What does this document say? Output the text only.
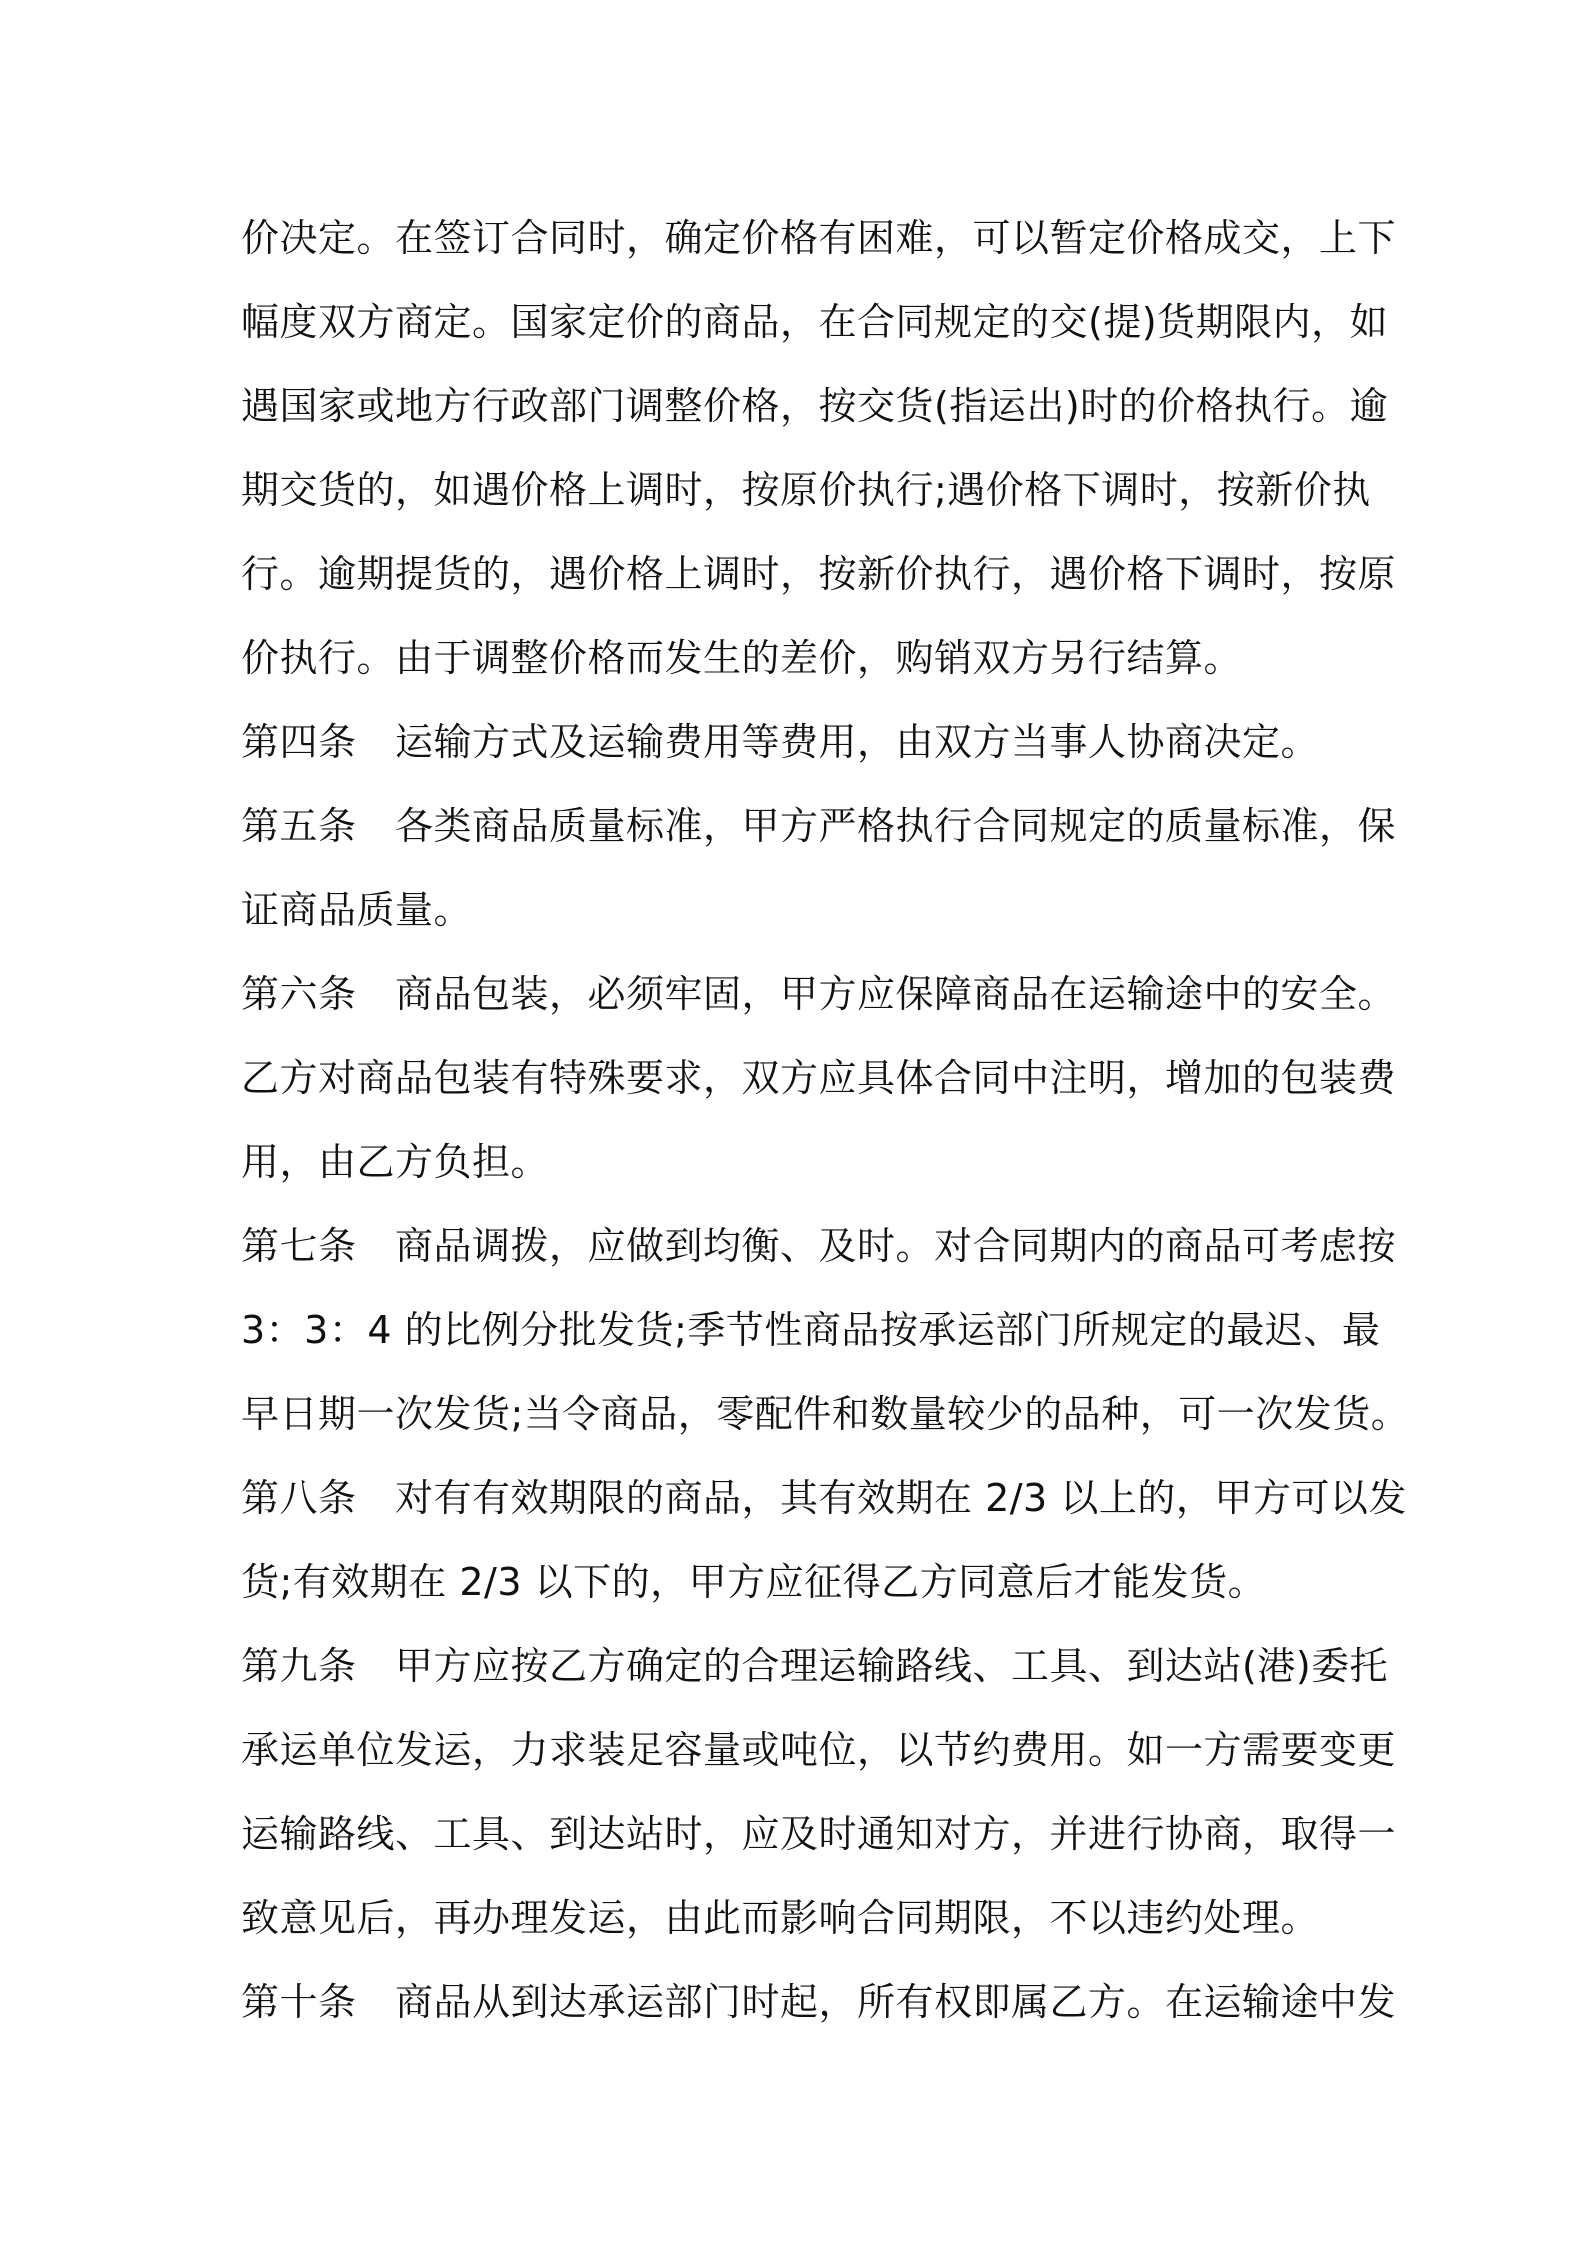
价决定。在签订合同时，确定价格有困难，可以暂定价格成交，上下
幅度双方商定。国家定价的商品，在合同规定的交(提)货期限内，如
遇国家或地方行政部门调整价格，按交货(指运出)时的价格执行。逾
期交货的，如遇价格上调时，按原价执行;遇价格下调时，按新价执
行。逾期提货的，遇价格上调时，按新价执行，遇价格下调时，按原
价执行。由于调整价格而发生的差价，购销双方另行结算。
第四条　运输方式及运输费用等费用，由双方当事人协商决定。
第五条　各类商品质量标准，甲方严格执行合同规定的质量标准，保
证商品质量。
第六条　商品包装，必须牢固，甲方应保障商品在运输途中的安全。
乙方对商品包装有特殊要求，双方应具体合同中注明，增加的包装费
用，由乙方负担。
第七条　商品调拨，应做到均衡、及时。对合同期内的商品可考虑按
3：3：4 的比例分批发货;季节性商品按承运部门所规定的最迟、最
早日期一次发货;当令商品，零配件和数量较少的品种，可一次发货。
第八条　对有有效期限的商品，其有效期在 2/3 以上的，甲方可以发
货;有效期在 2/3 以下的，甲方应征得乙方同意后才能发货。
第九条　甲方应按乙方确定的合理运输路线、工具、到达站(港)委托
承运单位发运，力求装足容量或吨位，以节约费用。如一方需要变更
运输路线、工具、到达站时，应及时通知对方，并进行协商，取得一
致意见后，再办理发运，由此而影响合同期限，不以违约处理。
第十条　商品从到达承运部门时起，所有权即属乙方。在运输途中发
